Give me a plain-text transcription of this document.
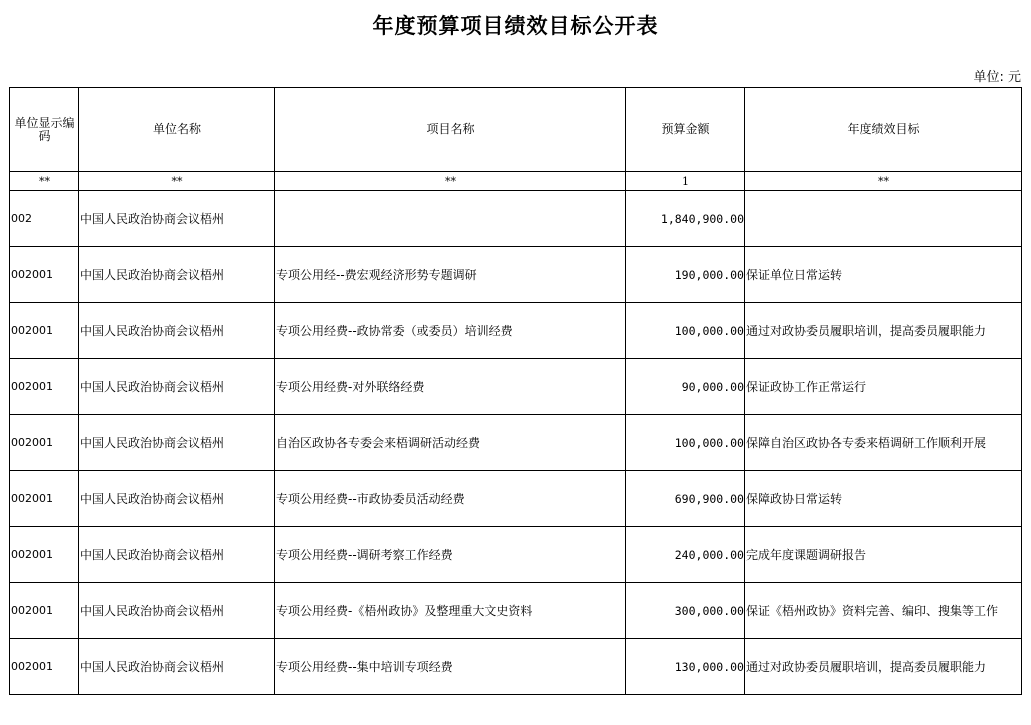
年度预算项目绩效目标公开表
单位: 元
单位显示编码	单位名称	项目名称	预算金额	年度绩效目标
**	**	**	1	**
002	中国人民政治协商会议梧州		1,840,900.00	
002001	中国人民政治协商会议梧州	专项公用经--费宏观经济形势专题调研	190,000.00	保证单位日常运转
002001	中国人民政治协商会议梧州	专项公用经费--政协常委（或委员）培训经费	100,000.00	通过对政协委员履职培训，提高委员履职能力
002001	中国人民政治协商会议梧州	专项公用经费-对外联络经费	90,000.00	保证政协工作正常运行
002001	中国人民政治协商会议梧州	自治区政协各专委会来梧调研活动经费	100,000.00	保障自治区政协各专委来梧调研工作顺利开展
002001	中国人民政治协商会议梧州	专项公用经费--市政协委员活动经费	690,900.00	保障政协日常运转
002001	中国人民政治协商会议梧州	专项公用经费--调研考察工作经费	240,000.00	完成年度课题调研报告
002001	中国人民政治协商会议梧州	专项公用经费-《梧州政协》及整理重大文史资料	300,000.00	保证《梧州政协》资料完善、编印、搜集等工作
002001	中国人民政治协商会议梧州	专项公用经费--集中培训专项经费	130,000.00	通过对政协委员履职培训，提高委员履职能力
